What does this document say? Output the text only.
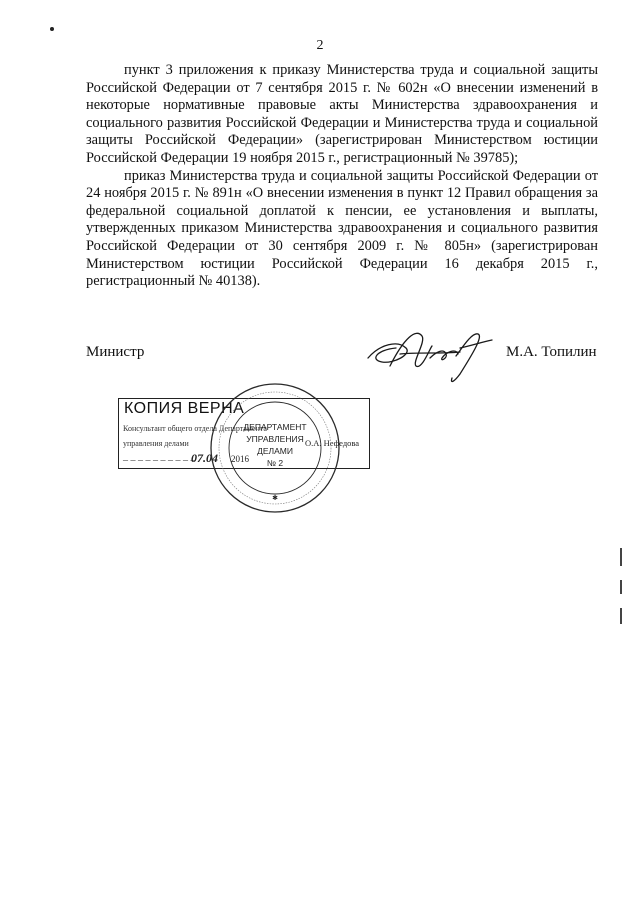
2

пункт 3 приложения к приказу Министерства труда и социальной защиты Российской Федерации от 7 сентября 2015 г. № 602н «О внесении изменений в некоторые нормативные правовые акты Министерства здравоохранения и социального развития Российской Федерации и Министерства труда и социальной защиты Российской Федерации» (зарегистрирован Министерством юстиции Российской Федерации 19 ноября 2015 г., регистрационный № 39785);

приказ Министерства труда и социальной защиты Российской Федерации от 24 ноября 2015 г. № 891н «О внесении изменения в пункт 12 Правил обращения за федеральной социальной доплатой к пенсии, ее установления и выплаты, утвержденных приказом Министерства здравоохранения и социального развития Российской Федерации от 30 сентября 2009 г. № 805н» (зарегистрирован Министерством юстиции Российской Федерации 16 декабря 2015 г., регистрационный № 40138).

Министр	М.А. Топилин
КОПИЯ ВЕРНА
Консультант общего отдела Департамента
управления делами	О.А. Нефедова
_ _ _ _ _ _ _ _ _ _
07.04 2016
ДЕПАРТАМЕНТ
УПРАВЛЕНИЯ
ДЕЛАМИ
№ 2
✱
